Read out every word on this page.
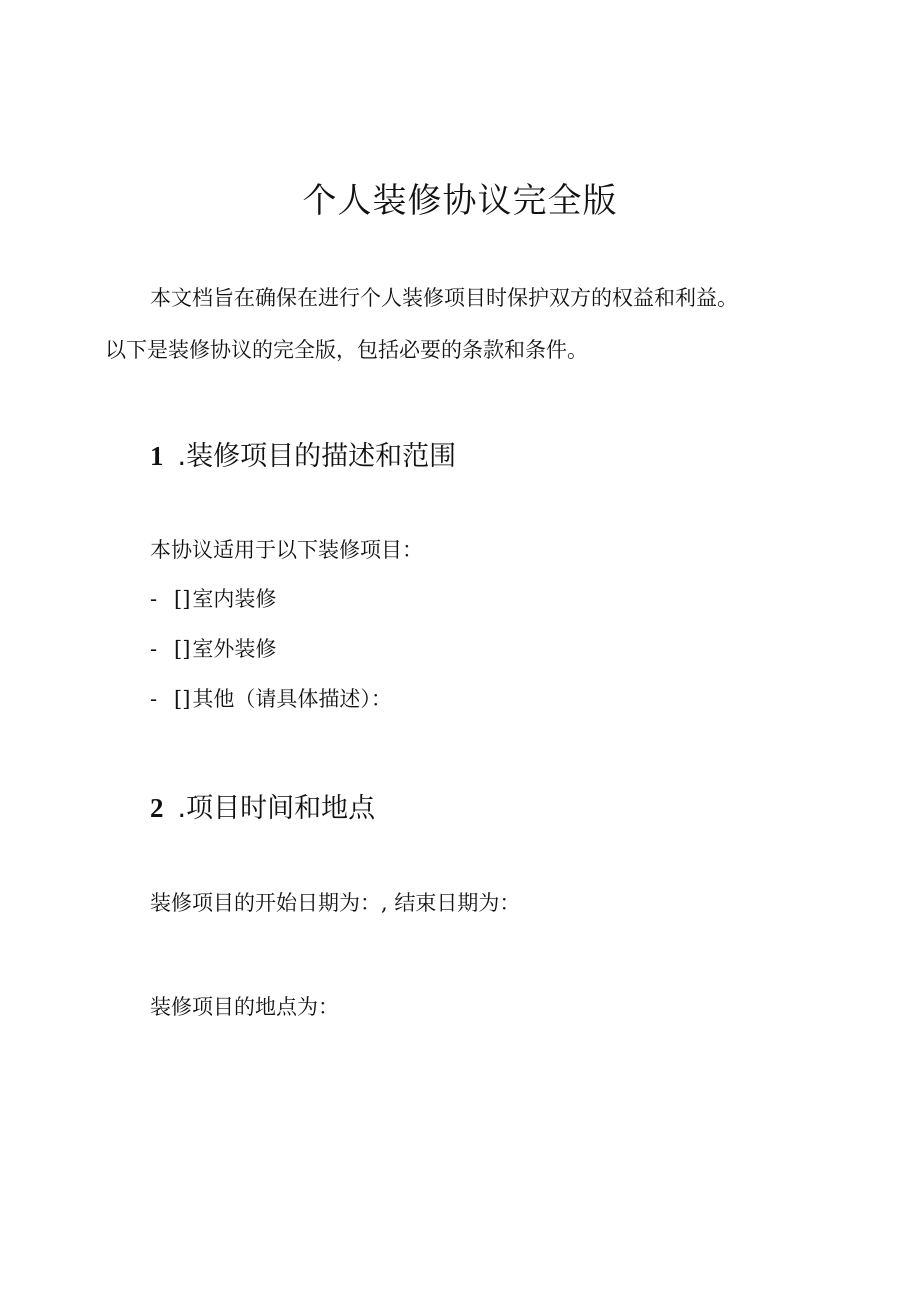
个人装修协议完全版

本文档旨在确保在进行个人装修项目时保护双方的权益和利益。

以下是装修协议的完全版，包括必要的条款和条件。

1 .装修项目的描述和范围

本协议适用于以下装修项目：

- [] 室内装修
- [] 室外装修
- [] 其他（请具体描述）：
2 .项目时间和地点

装修项目的开始日期为：, 结束日期为：

装修项目的地点为：
